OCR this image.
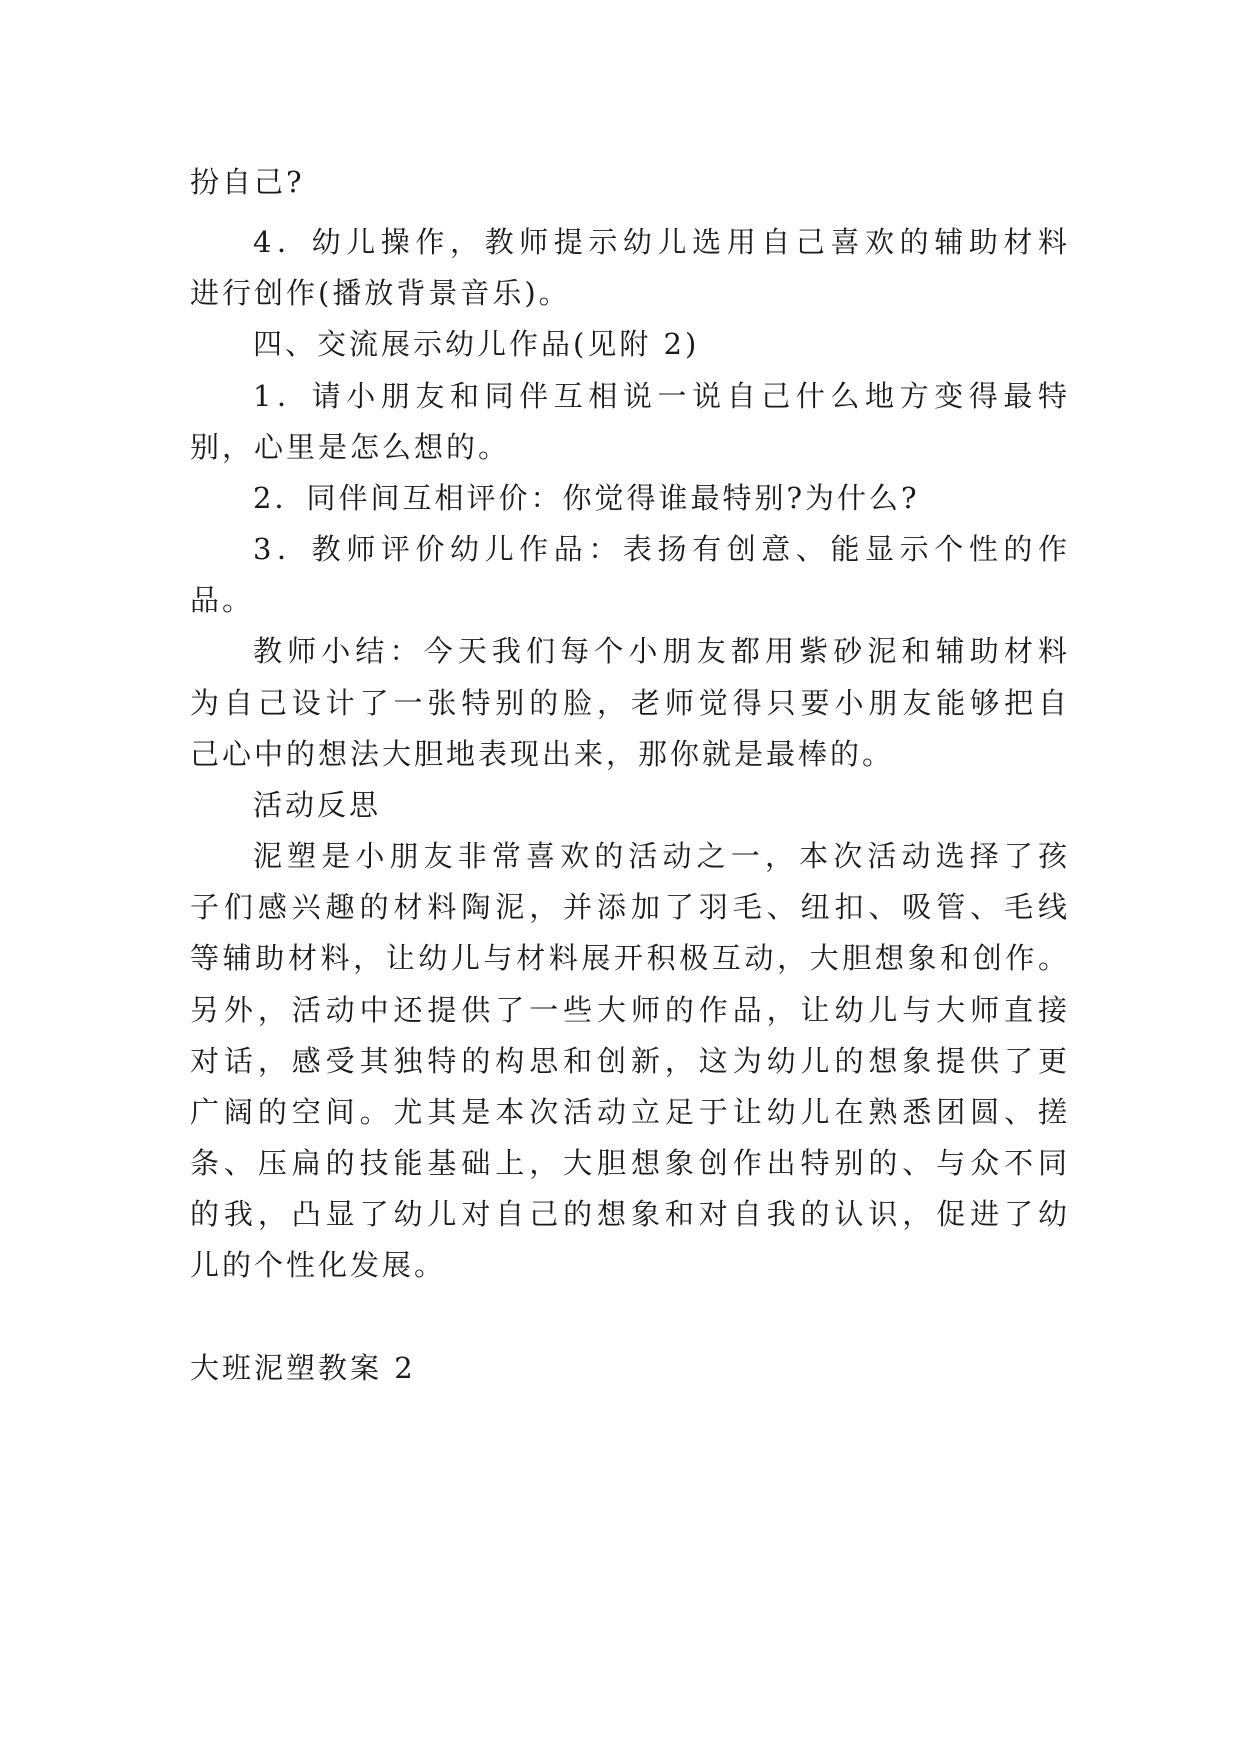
扮自己?

4．幼儿操作，教师提示幼儿选用自己喜欢的辅助材料

进行创作(播放背景音乐)。

四、交流展示幼儿作品(见附 2)

1．请小朋友和同伴互相说一说自己什么地方变得最特

别，心里是怎么想的。

2．同伴间互相评价：你觉得谁最特别?为什么?

3．教师评价幼儿作品：表扬有创意、能显示个性的作

品。

教师小结：今天我们每个小朋友都用紫砂泥和辅助材料

为自己设计了一张特别的脸，老师觉得只要小朋友能够把自

己心中的想法大胆地表现出来，那你就是最棒的。

活动反思

泥塑是小朋友非常喜欢的活动之一，本次活动选择了孩

子们感兴趣的材料陶泥，并添加了羽毛、纽扣、吸管、毛线

等辅助材料，让幼儿与材料展开积极互动，大胆想象和创作。

另外，活动中还提供了一些大师的作品，让幼儿与大师直接

对话，感受其独特的构思和创新，这为幼儿的想象提供了更

广阔的空间。尤其是本次活动立足于让幼儿在熟悉团圆、搓

条、压扁的技能基础上，大胆想象创作出特别的、与众不同

的我，凸显了幼儿对自己的想象和对自我的认识，促进了幼

儿的个性化发展。

大班泥塑教案 2
